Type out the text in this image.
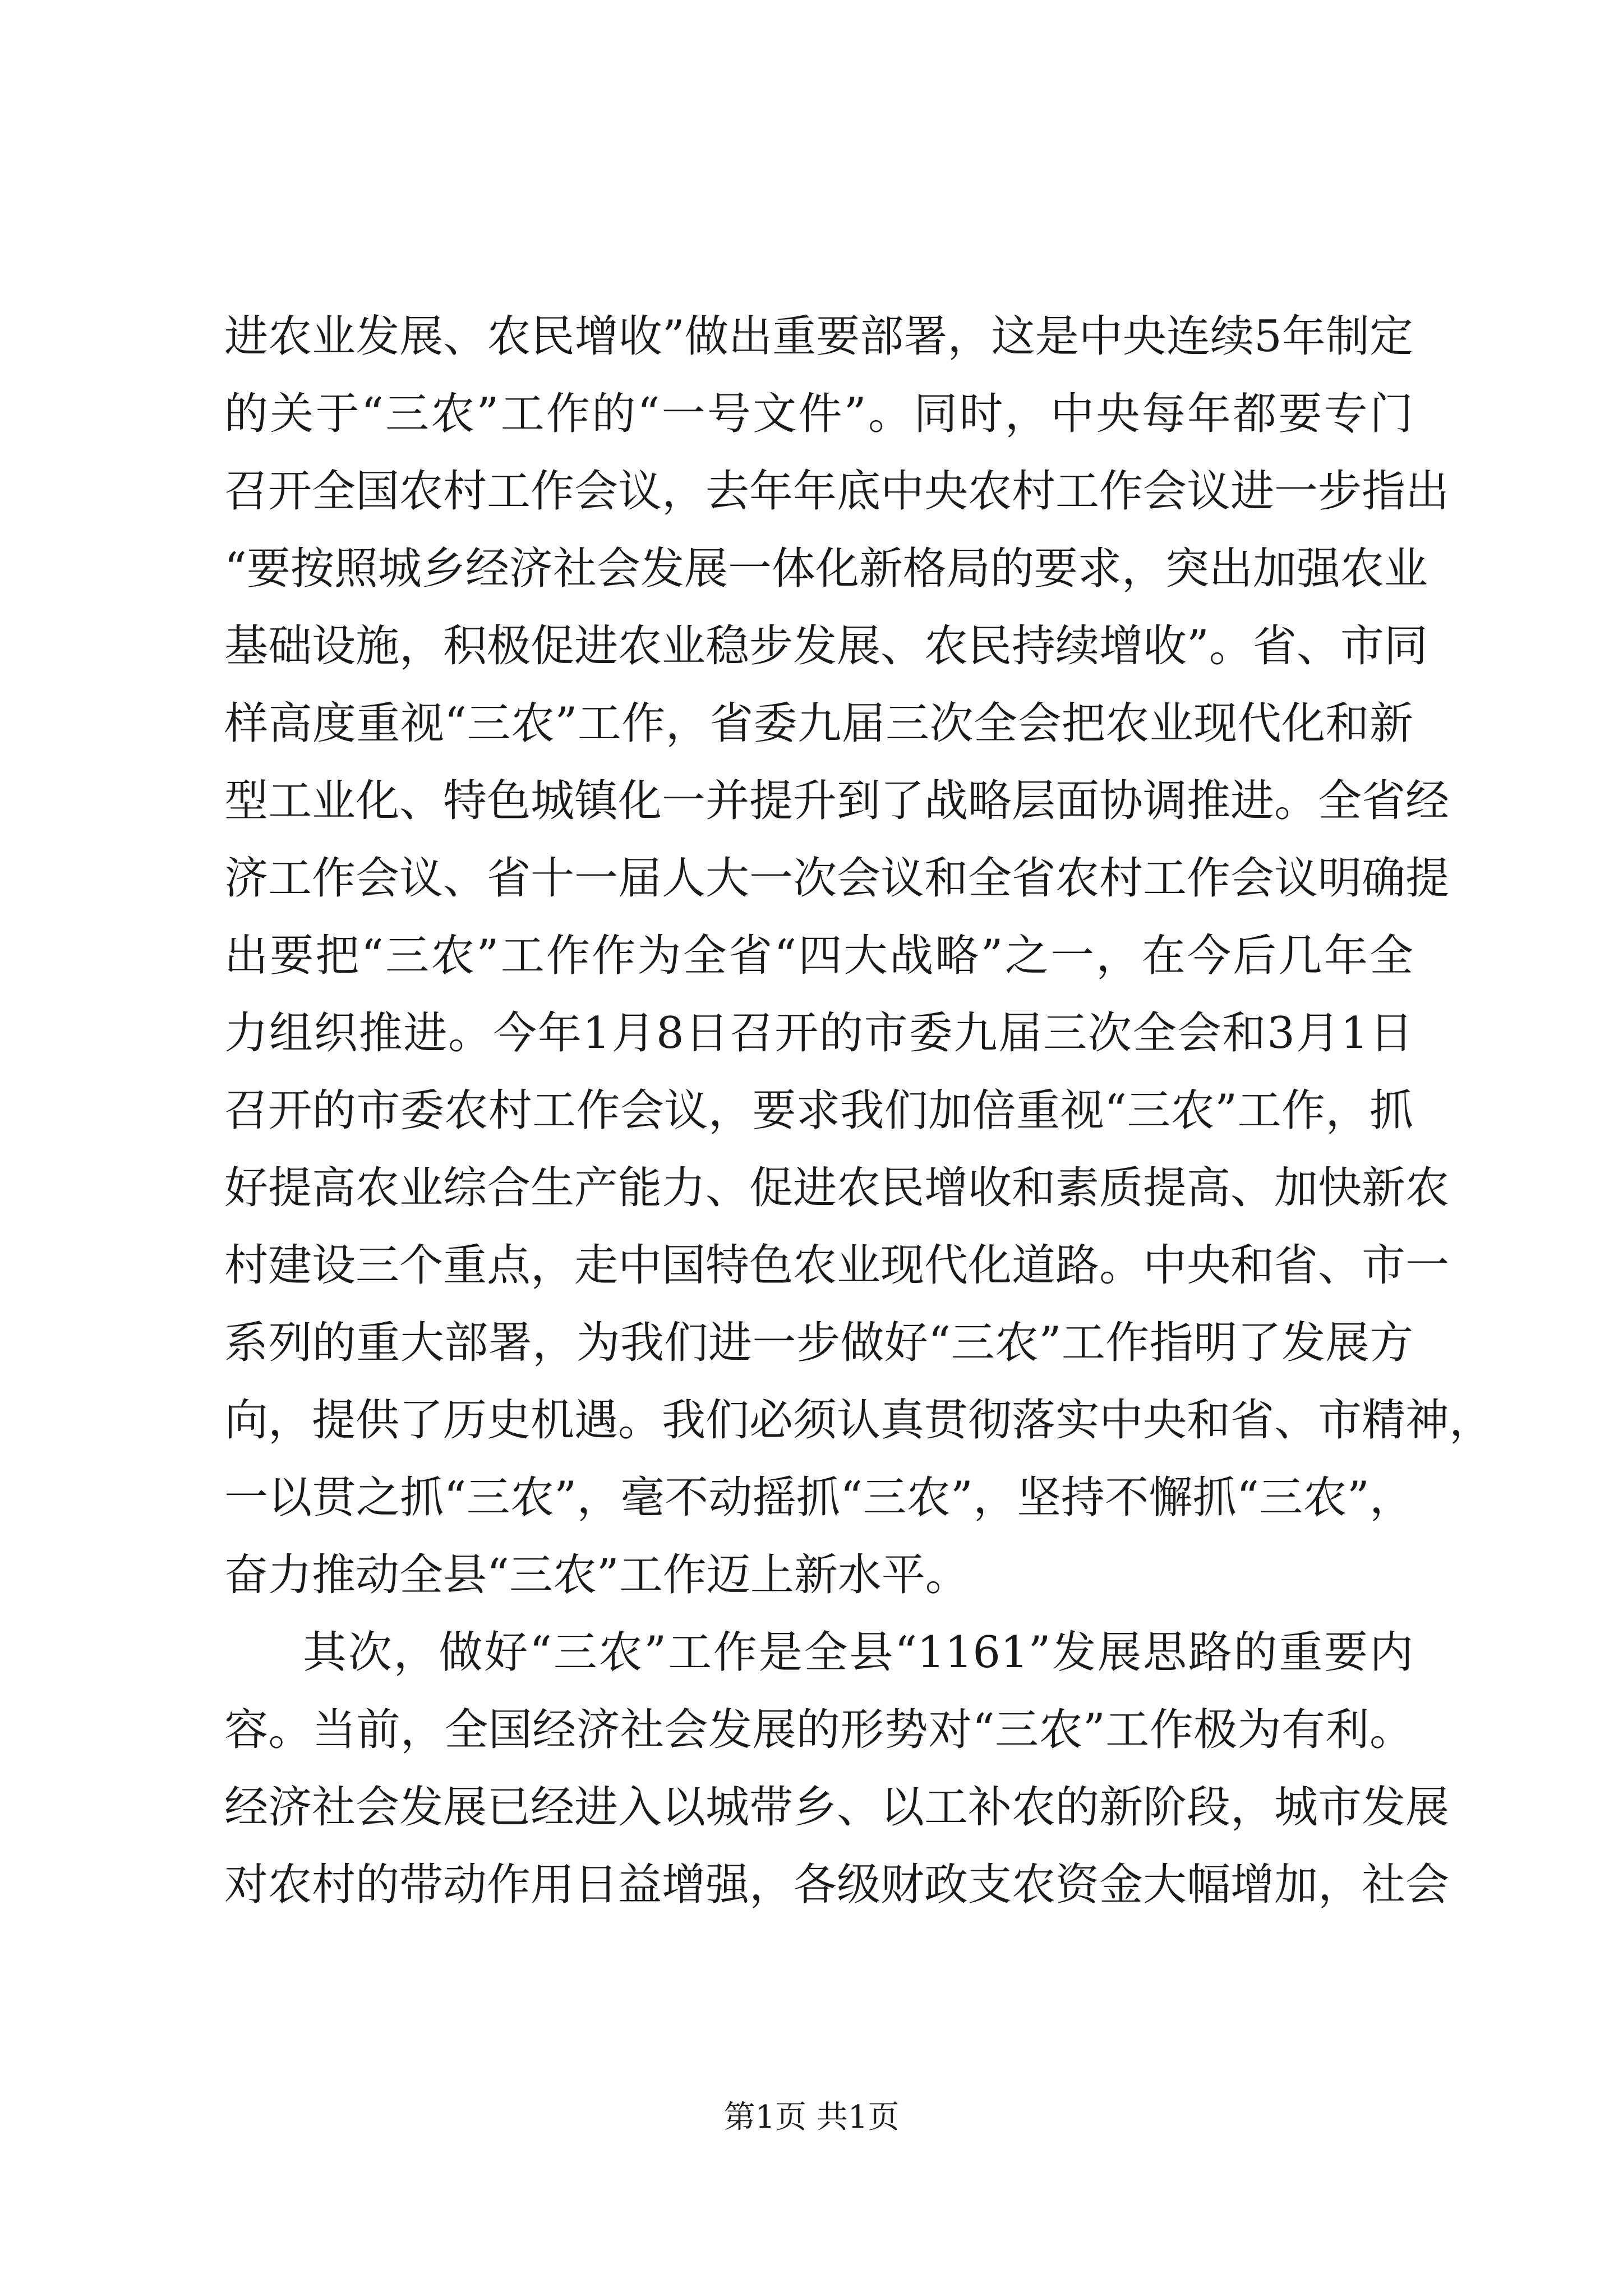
进农业发展、农民增收”做出重要部署，这是中央连续5年制定
的关于“三农”工作的“一号文件”。同时，中央每年都要专门
召开全国农村工作会议，去年年底中央农村工作会议进一步指出
“要按照城乡经济社会发展一体化新格局的要求，突出加强农业
基础设施，积极促进农业稳步发展、农民持续增收”。省、市同
样高度重视“三农”工作，省委九届三次全会把农业现代化和新
型工业化、特色城镇化一并提升到了战略层面协调推进。全省经
济工作会议、省十一届人大一次会议和全省农村工作会议明确提
出要把“三农”工作作为全省“四大战略”之一，在今后几年全
力组织推进。今年1月8日召开的市委九届三次全会和3月1日
召开的市委农村工作会议，要求我们加倍重视“三农”工作，抓
好提高农业综合生产能力、促进农民增收和素质提高、加快新农
村建设三个重点，走中国特色农业现代化道路。中央和省、市一
系列的重大部署，为我们进一步做好“三农”工作指明了发展方
向，提供了历史机遇。我们必须认真贯彻落实中央和省、市精神，
一以贯之抓“三农”，毫不动摇抓“三农”，坚持不懈抓“三农”，
奋力推动全县“三农”工作迈上新水平。
其次，做好“三农”工作是全县“1161”发展思路的重要内
容。当前，全国经济社会发展的形势对“三农”工作极为有利。
经济社会发展已经进入以城带乡、以工补农的新阶段，城市发展
对农村的带动作用日益增强，各级财政支农资金大幅增加，社会
第1页 共1页
